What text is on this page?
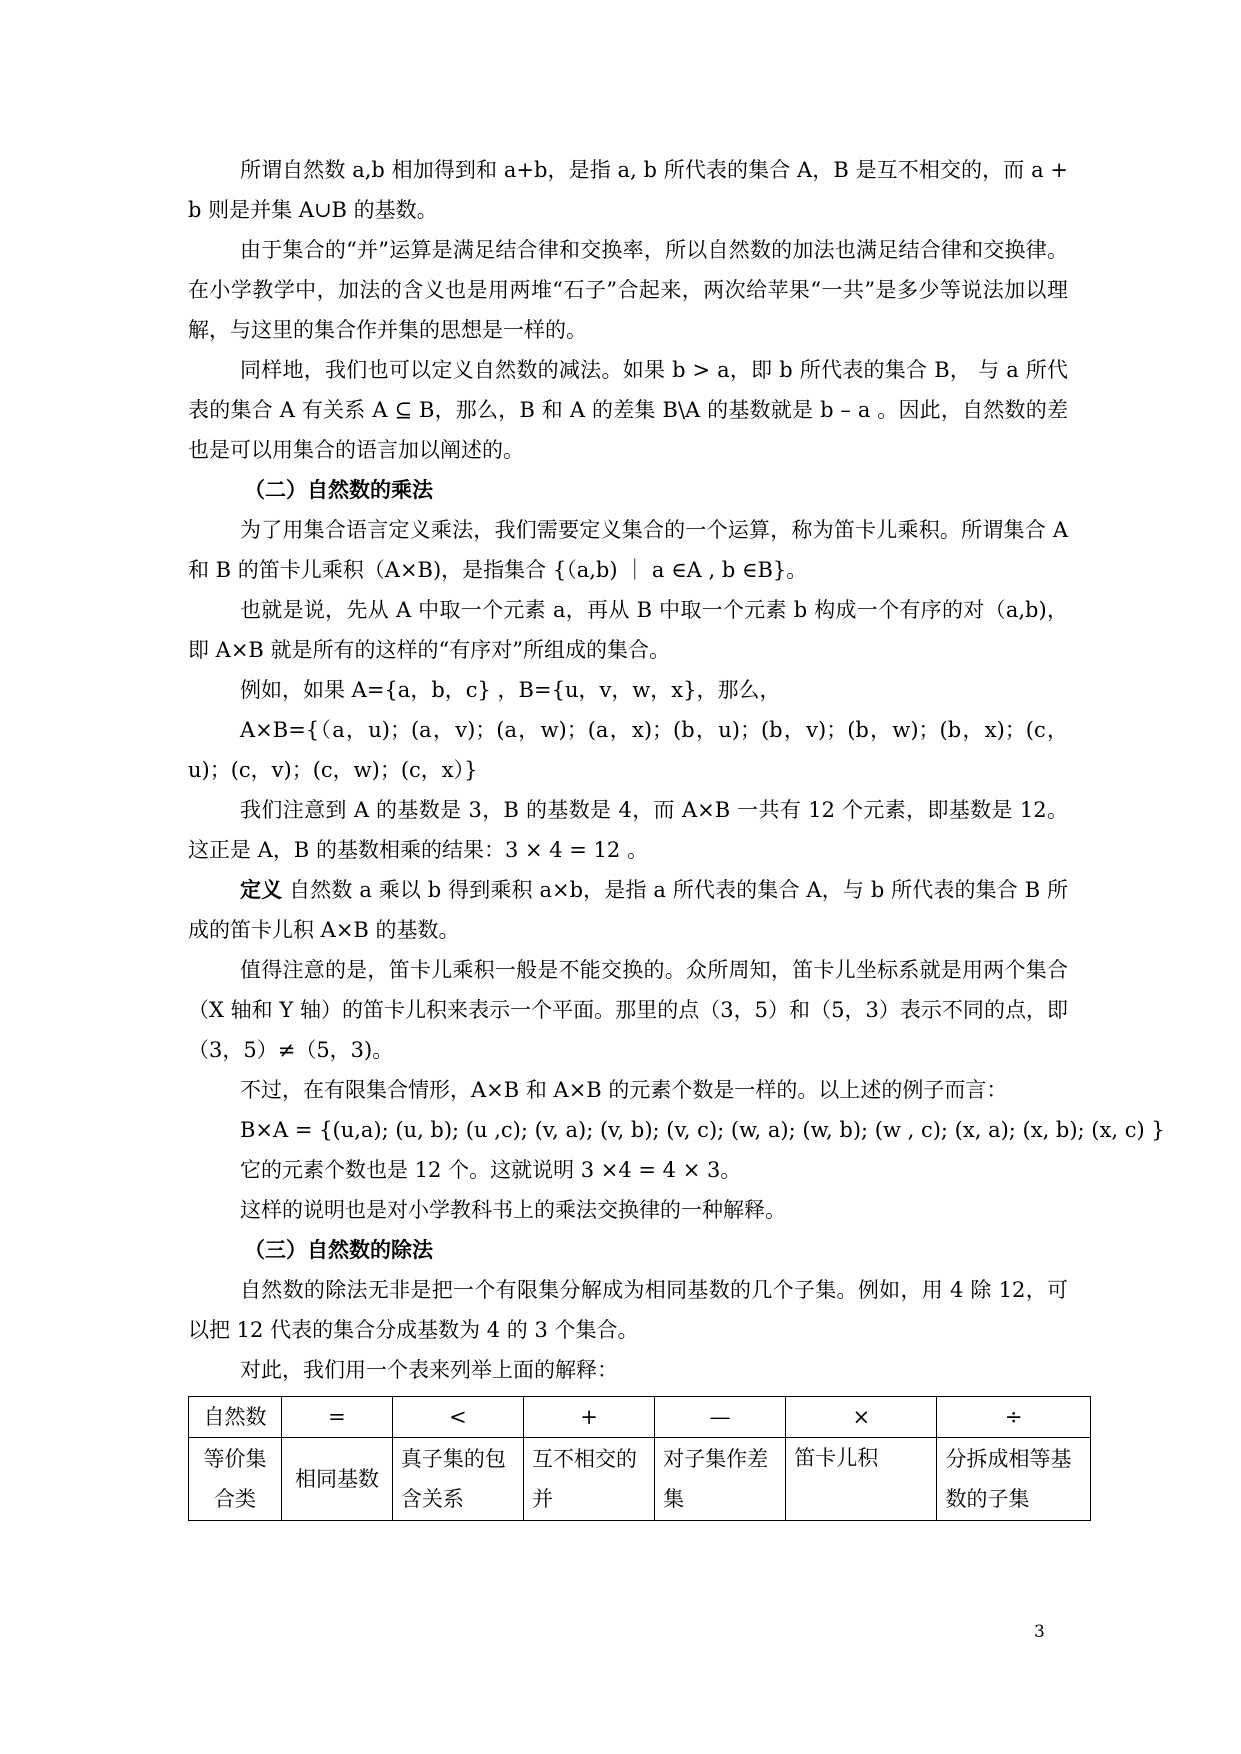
所谓自然数 a,b 相加得到和 a+b，是指 a, b 所代表的集合 A，B 是互不相交的，而 a + b 则是并集 A∪B 的基数。

由于集合的“并”运算是满足结合律和交换率，所以自然数的加法也满足结合律和交换律。在小学教学中，加法的含义也是用两堆“石子”合起来，两次给苹果“一共”是多少等说法加以理解，与这里的集合作并集的思想是一样的。

同样地，我们也可以定义自然数的减法。如果 b > a，即 b 所代表的集合 B， 与 a 所代表的集合 A 有关系 A ⊆ B，那么，B 和 A 的差集 B\A 的基数就是 b – a 。因此，自然数的差也是可以用集合的语言加以阐述的。

（二）自然数的乘法

为了用集合语言定义乘法，我们需要定义集合的一个运算，称为笛卡儿乘积。所谓集合 A 和 B 的笛卡儿乘积（A×B)，是指集合 {（a,b) ｜ a ∈A , b ∈B}。

也就是说，先从 A 中取一个元素 a，再从 B 中取一个元素 b 构成一个有序的对（a,b)，即 A×B 就是所有的这样的“有序对”所组成的集合。

例如，如果 A={a，b，c} ，B={u，v，w，x}，那么，

A×B={（a，u)；(a，v)；(a，w)；(a，x)；(b，u)；(b，v)；(b，w)；(b，x)；(c，u)；(c，v)；(c，w)；(c，x）}

我们注意到 A 的基数是 3，B 的基数是 4，而 A×B 一共有 12 个元素，即基数是 12。这正是 A，B 的基数相乘的结果：3 × 4 = 12 。

定义 自然数 a 乘以 b 得到乘积 a×b，是指 a 所代表的集合 A，与 b 所代表的集合 B 所成的笛卡儿积 A×B 的基数。

值得注意的是，笛卡儿乘积一般是不能交换的。众所周知，笛卡儿坐标系就是用两个集合（X 轴和 Y 轴）的笛卡儿积来表示一个平面。那里的点（3，5）和（5，3）表示不同的点，即（3，5）≠（5，3)。

不过，在有限集合情形，A×B 和 A×B 的元素个数是一样的。以上述的例子而言：

B×A = {(u,a); (u, b); (u ,c); (v, a); (v, b); (v, c); (w, a); (w, b); (w , c); (x, a); (x, b); (x, c) }

它的元素个数也是 12 个。这就说明 3 ×4 = 4 × 3。

这样的说明也是对小学教科书上的乘法交换律的一种解释。

（三）自然数的除法

自然数的除法无非是把一个有限集分解成为相同基数的几个子集。例如，用 4 除 12，可以把 12 代表的集合分成基数为 4 的 3 个集合。

对此，我们用一个表来列举上面的解释：

自然数	=	<	+	—	×	÷
等价集合类	相同基数	真子集的包含关系	互不相交的并	对子集作差集	笛卡儿积	分拆成相等基数的子集
3
